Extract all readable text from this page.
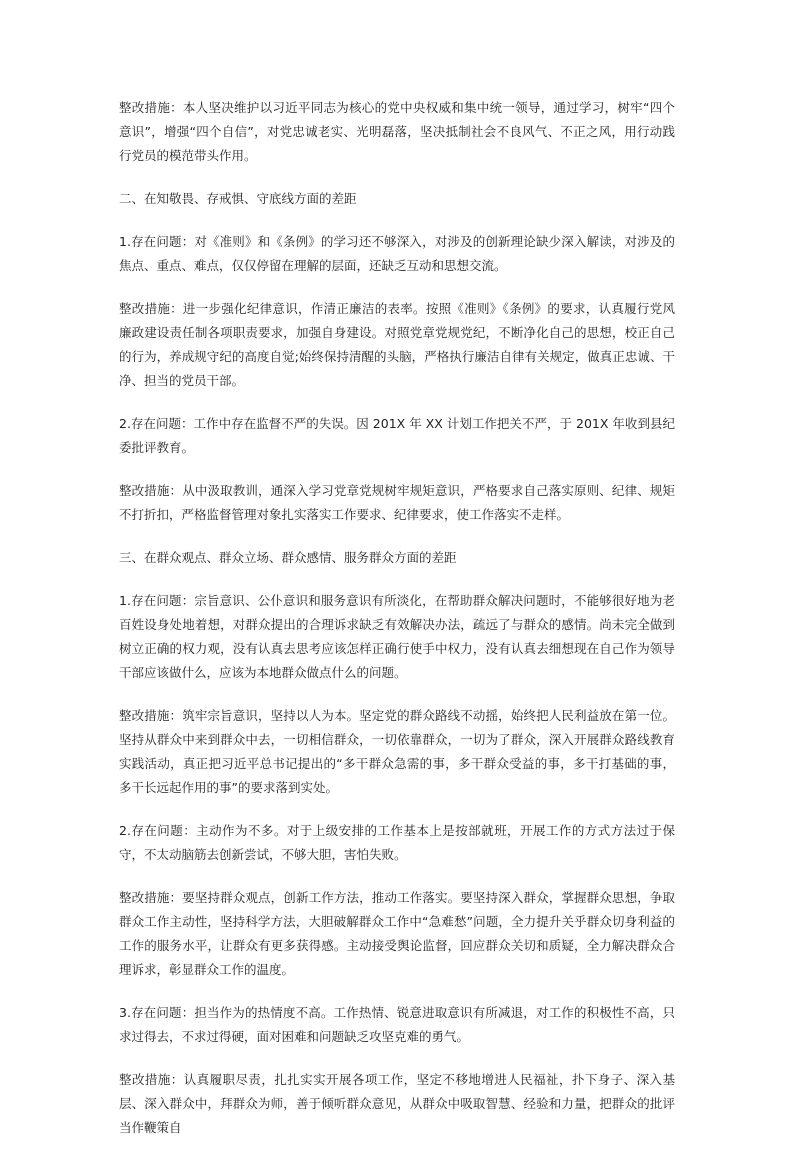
整改措施：本人坚决维护以习近平同志为核心的党中央权威和集中统一领导，通过学习，树牢“四个意识”，增强“四个自信”，对党忠诚老实、光明磊落，坚决抵制社会不良风气、不正之风，用行动践行党员的模范带头作用。

二、在知敬畏、存戒惧、守底线方面的差距

1.存在问题：对《准则》和《条例》的学习还不够深入，对涉及的创新理论缺少深入解读，对涉及的焦点、重点、难点，仅仅停留在理解的层面，还缺乏互动和思想交流。

整改措施：进一步强化纪律意识，作清正廉洁的表率。按照《准则》《条例》的要求，认真履行党风廉政建设责任制各项职责要求，加强自身建设。对照党章党规党纪，不断净化自己的思想，校正自己的行为，养成规守纪的高度自觉;始终保持清醒的头脑，严格执行廉洁自律有关规定，做真正忠诚、干净、担当的党员干部。

2.存在问题：工作中存在监督不严的失误。因 201X 年 XX 计划工作把关不严，于 201X 年收到县纪委批评教育。

整改措施：从中汲取教训，通深入学习党章党规树牢规矩意识，严格要求自己落实原则、纪律、规矩不打折扣，严格监督管理对象扎实落实工作要求、纪律要求，使工作落实不走样。

三、在群众观点、群众立场、群众感情、服务群众方面的差距

1.存在问题：宗旨意识、公仆意识和服务意识有所淡化，在帮助群众解决问题时，不能够很好地为老百姓设身处地着想，对群众提出的合理诉求缺乏有效解决办法，疏远了与群众的感情。尚未完全做到树立正确的权力观，没有认真去思考应该怎样正确行使手中权力，没有认真去细想现在自己作为领导干部应该做什么，应该为本地群众做点什么的问题。

整改措施：筑牢宗旨意识，坚持以人为本。坚定党的群众路线不动摇，始终把人民利益放在第一位。坚持从群众中来到群众中去，一切相信群众，一切依靠群众，一切为了群众，深入开展群众路线教育实践活动，真正把习近平总书记提出的“多干群众急需的事，多干群众受益的事，多干打基础的事，多干长远起作用的事”的要求落到实处。

2.存在问题：主动作为不多。对于上级安排的工作基本上是按部就班，开展工作的方式方法过于保守，不太动脑筋去创新尝试，不够大胆，害怕失败。

整改措施：要坚持群众观点，创新工作方法，推动工作落实。要坚持深入群众，掌握群众思想，争取群众工作主动性，坚持科学方法，大胆破解群众工作中“急难愁”问题，全力提升关乎群众切身利益的工作的服务水平，让群众有更多获得感。主动接受舆论监督，回应群众关切和质疑，全力解决群众合理诉求，彰显群众工作的温度。

3.存在问题：担当作为的热情度不高。工作热情、锐意进取意识有所减退，对工作的积极性不高，只求过得去，不求过得硬，面对困难和问题缺乏攻坚克难的勇气。

整改措施：认真履职尽责，扎扎实实开展各项工作，坚定不移地增进人民福祉，扑下身子、深入基层、深入群众中，拜群众为师，善于倾听群众意见，从群众中吸取智慧、经验和力量，把群众的批评当作鞭策自
